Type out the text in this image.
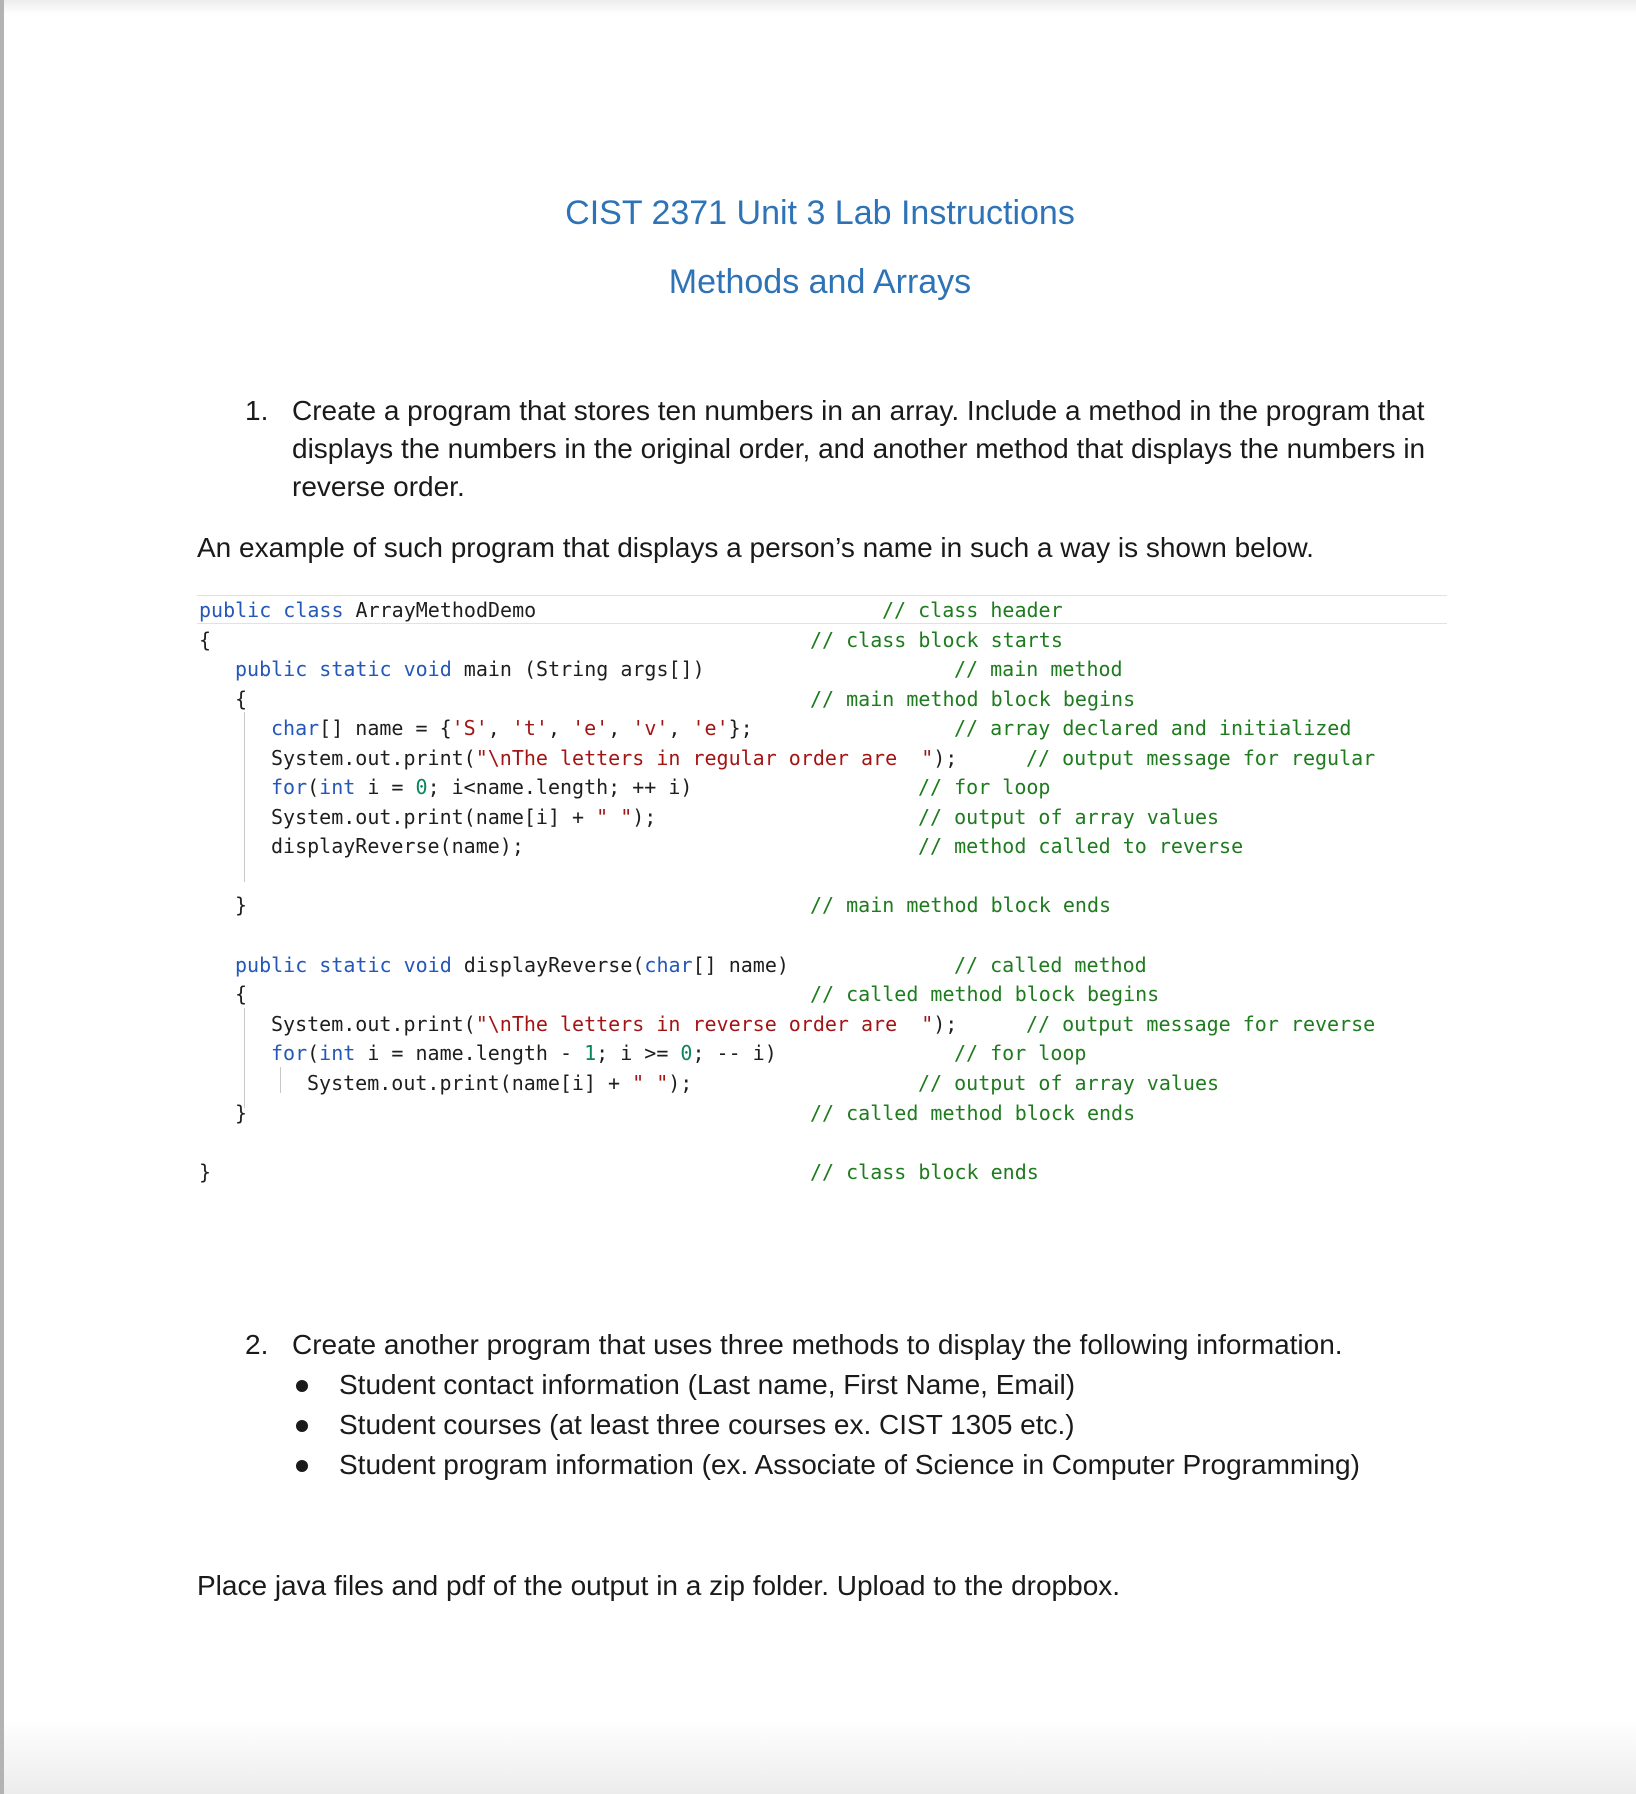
CIST 2371 Unit 3 Lab Instructions
Methods and Arrays
1. Create a program that stores ten numbers in an array. Include a method in the program that
displays the numbers in the original order, and another method that displays the numbers in
reverse order.
An example of such program that displays a person’s name in such a way is shown below.
public class ArrayMethodDemo	// class header
{	// class block starts
public static void main (String args[])	// main method
{	// main method block begins
char[] name = {'S', 't', 'e', 'v', 'e'};	// array declared and initialized
System.out.print("\nThe letters in regular order are  ");	// output message for regular
for(int i = 0; i<name.length; ++ i)	// for loop
System.out.print(name[i] + " ");	// output of array values
displayReverse(name);	// method called to reverse
}	// main method block ends
public static void displayReverse(char[] name)	// called method
{	// called method block begins
System.out.print("\nThe letters in reverse order are  ");	// output message for reverse
for(int i = name.length - 1; i >= 0; -- i)	// for loop
System.out.print(name[i] + " ");	// output of array values
}	// called method block ends
}	// class block ends
2. Create another program that uses three methods to display the following information.
Student contact information (Last name, First Name, Email)
Student courses (at least three courses ex. CIST 1305 etc.)
Student program information (ex. Associate of Science in Computer Programming)
Place java files and pdf of the output in a zip folder. Upload to the dropbox.
